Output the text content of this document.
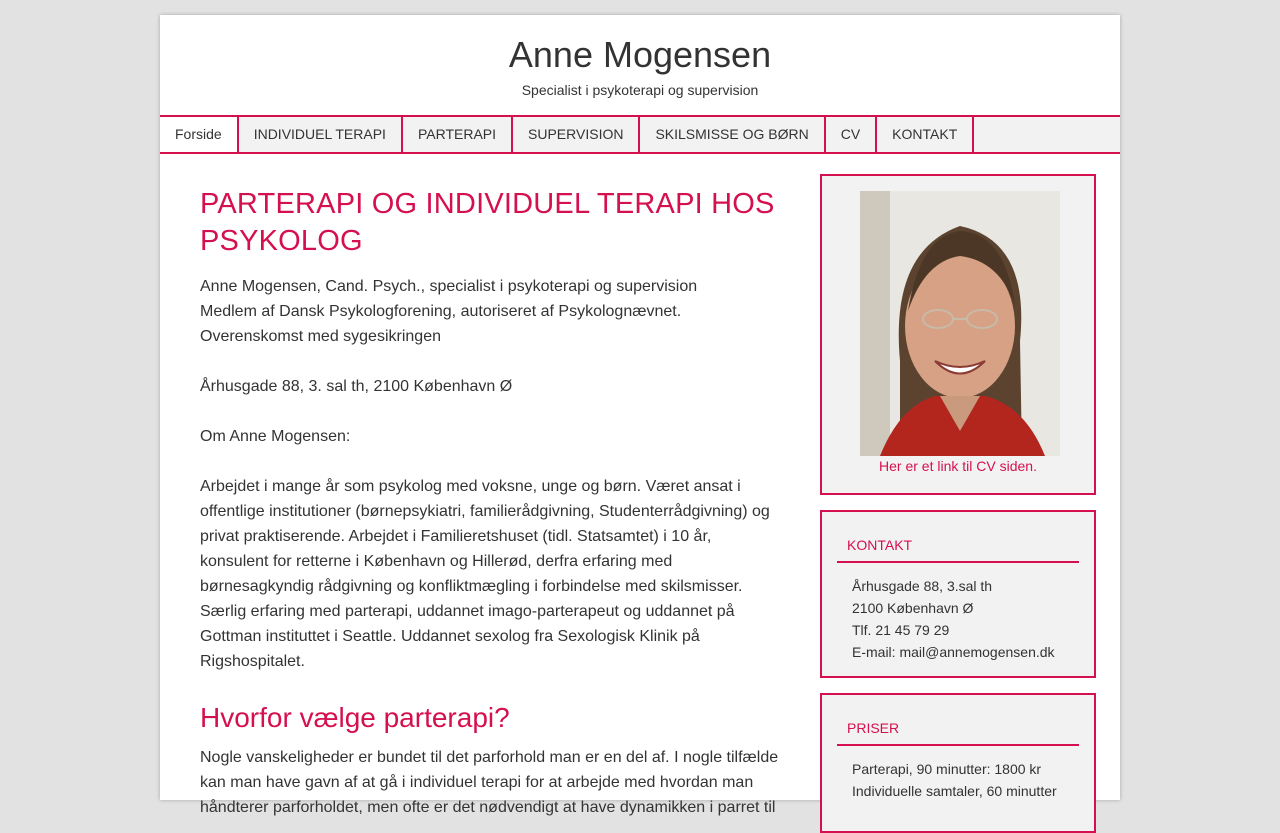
Anne Mogensen
Specialist i psykoterapi og supervision
Forside	INDIVIDUEL TERAPI	PARTERAPI	SUPERVISION	SKILSMISSE OG BØRN	CV	KONTAKT
PARTERAPI OG INDIVIDUEL TERAPI HOS PSYKOLOG

Anne Mogensen, Cand. Psych., specialist i psykoterapi og supervision

Medlem af Dansk Psykologforening, autoriseret af Psykolognævnet.

Overenskomst med sygesikringen

Århusgade 88, 3. sal th, 2100 København Ø

Om Anne Mogensen:

Arbejdet i mange år som psykolog med voksne, unge og børn. Været ansat i offentlige institutioner (børnepsykiatri, familierådgivning, Studenterrådgivning) og privat praktiserende. Arbejdet i Familieretshuset (tidl. Statsamtet) i 10 år, konsulent for retterne i København og Hillerød, derfra erfaring med børnesagkyndig rådgivning og konfliktmægling i forbindelse med skilsmisser. Særlig erfaring med parterapi, uddannet imago-parterapeut og uddannet på Gottman instituttet i Seattle. Uddannet sexolog fra Sexologisk Klinik på Rigshospitalet.

Hvorfor vælge parterapi?

Nogle vanskeligheder er bundet til det parforhold man er en del af. I nogle tilfælde kan man have gavn af at gå i individuel terapi for at arbejde med hvordan man håndterer parforholdet, men ofte er det nødvendigt at have dynamikken i parret til

Her er et link til CV siden.
KONTAKT
Århusgade 88, 3.sal th
2100 København Ø
Tlf. 21 45 79 29
E-mail: mail@annemogensen.dk
PRISER
Parterapi, 90 minutter: 1800 kr
Individuelle samtaler, 60 minutter
